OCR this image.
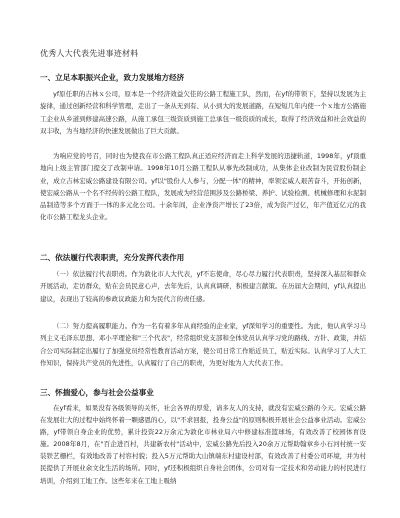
优秀人大代表先进事迹材料
一、立足本职振兴企业，致力发展地方经济

yf原任职的吉林ｘ公司，原本是一个经济效益欠佳的公路工程施工队，然而，在yf的带领下，坚持以发展为主旋律，通过创新经营和科学管理，走出了一条从无到有、从小到大的发展道路，在短短几年内使一个ｘ地方公路施工企业从乡道到修建高速公路，从施工承包三级资质到施工总承包一级资质的成长，取得了经济效益和社会效益的双丰收，为当地经济的快速发展做出了巨大贡献。

为响应党的号召，同时也为使我在市公路工程队真正适应经济而走上科学发展的迅捷轨道，1998年，yf顶重地向上级主管部门提交了改制申请。1998年10月公路工程队从事先改制成功，从集体企业改制为民营股份制企业，成立吉林宏威公路建设有限公司。yf以"股份人人参与，分配一体"的精神，率领宏威人艰苦奋斗，开拓创新，使宏威公路从一个名不经传的公路工程队，发展成为经营范围涉及公路桥梁、养护、试验检测、机械修理和水泥制品制造等多个方面于一体的多元化公司。十余年间，企业净资产增长了23倍，成为资产过亿，年产值近亿元的我化市公路工程龙头企业。

二、依法履行代表职责，充分发挥代表作用

（一）依法履行代表职责。作为敦化市人大代表，yf不忘使命，尽心尽力履行代表职责，坚持深入基层和群众开展活动，走访群众，贴在会员民意心声，去年先后，认真真调研，积极建言献策。在历届大会期间，yf认真提出建议，表现出了较高的参政议政能力和为民代言的责任感。

（二）努力提高履职能力。作为一名有着多年从商经验的企业家，yf深知学习的重要性。为此，他认真学习马列主义毛泽东思想、邓小平理论和"三个代表"，经常组织党支部和全体党员认真学习党的路线、方针、政策，并结合公司实际制定出履行了加强党员经常性教育活动方案，使公司日常工作贴近员工，贴近实际。认真学习了人大工作知识，保持共产党员的先进性，认真履行了自己的职责，为更好地为人大代表工作。

三、怀揣爱心，参与社会公益事业

在yf看来，如果没有各级领导的关怀，社会各界的厚爱，请多友人的支持，就没有宏威公路的今天。宏威公路在发展壮大的过程中始终怀着一颗感恩的心，以"不求回报，投身公益"的原则积极开展社会公益事业活动。宏威公路，yf带领自身企业的优势，累计投资22万余元为敦化市林业局六中修建标准篮球场，有效改善了校园体育设施。2008年8月，在"百企进百村，共建新农村"活动中，宏威公路先后投入20余万元帮助翰章乡小石河村统一安装铁艺栅栏，有效地改善了村容村貌；投入5万元帮助大山镇端东村建设村部，有效改善了村委公司环境，并为村民提供了开展业余文化生活的场所。同时，yf还积极组织自身社会团体，公司对有一定技术和劳动能力的村民进行培训，介绍到工地工作。这些年来在工地上吸纳
